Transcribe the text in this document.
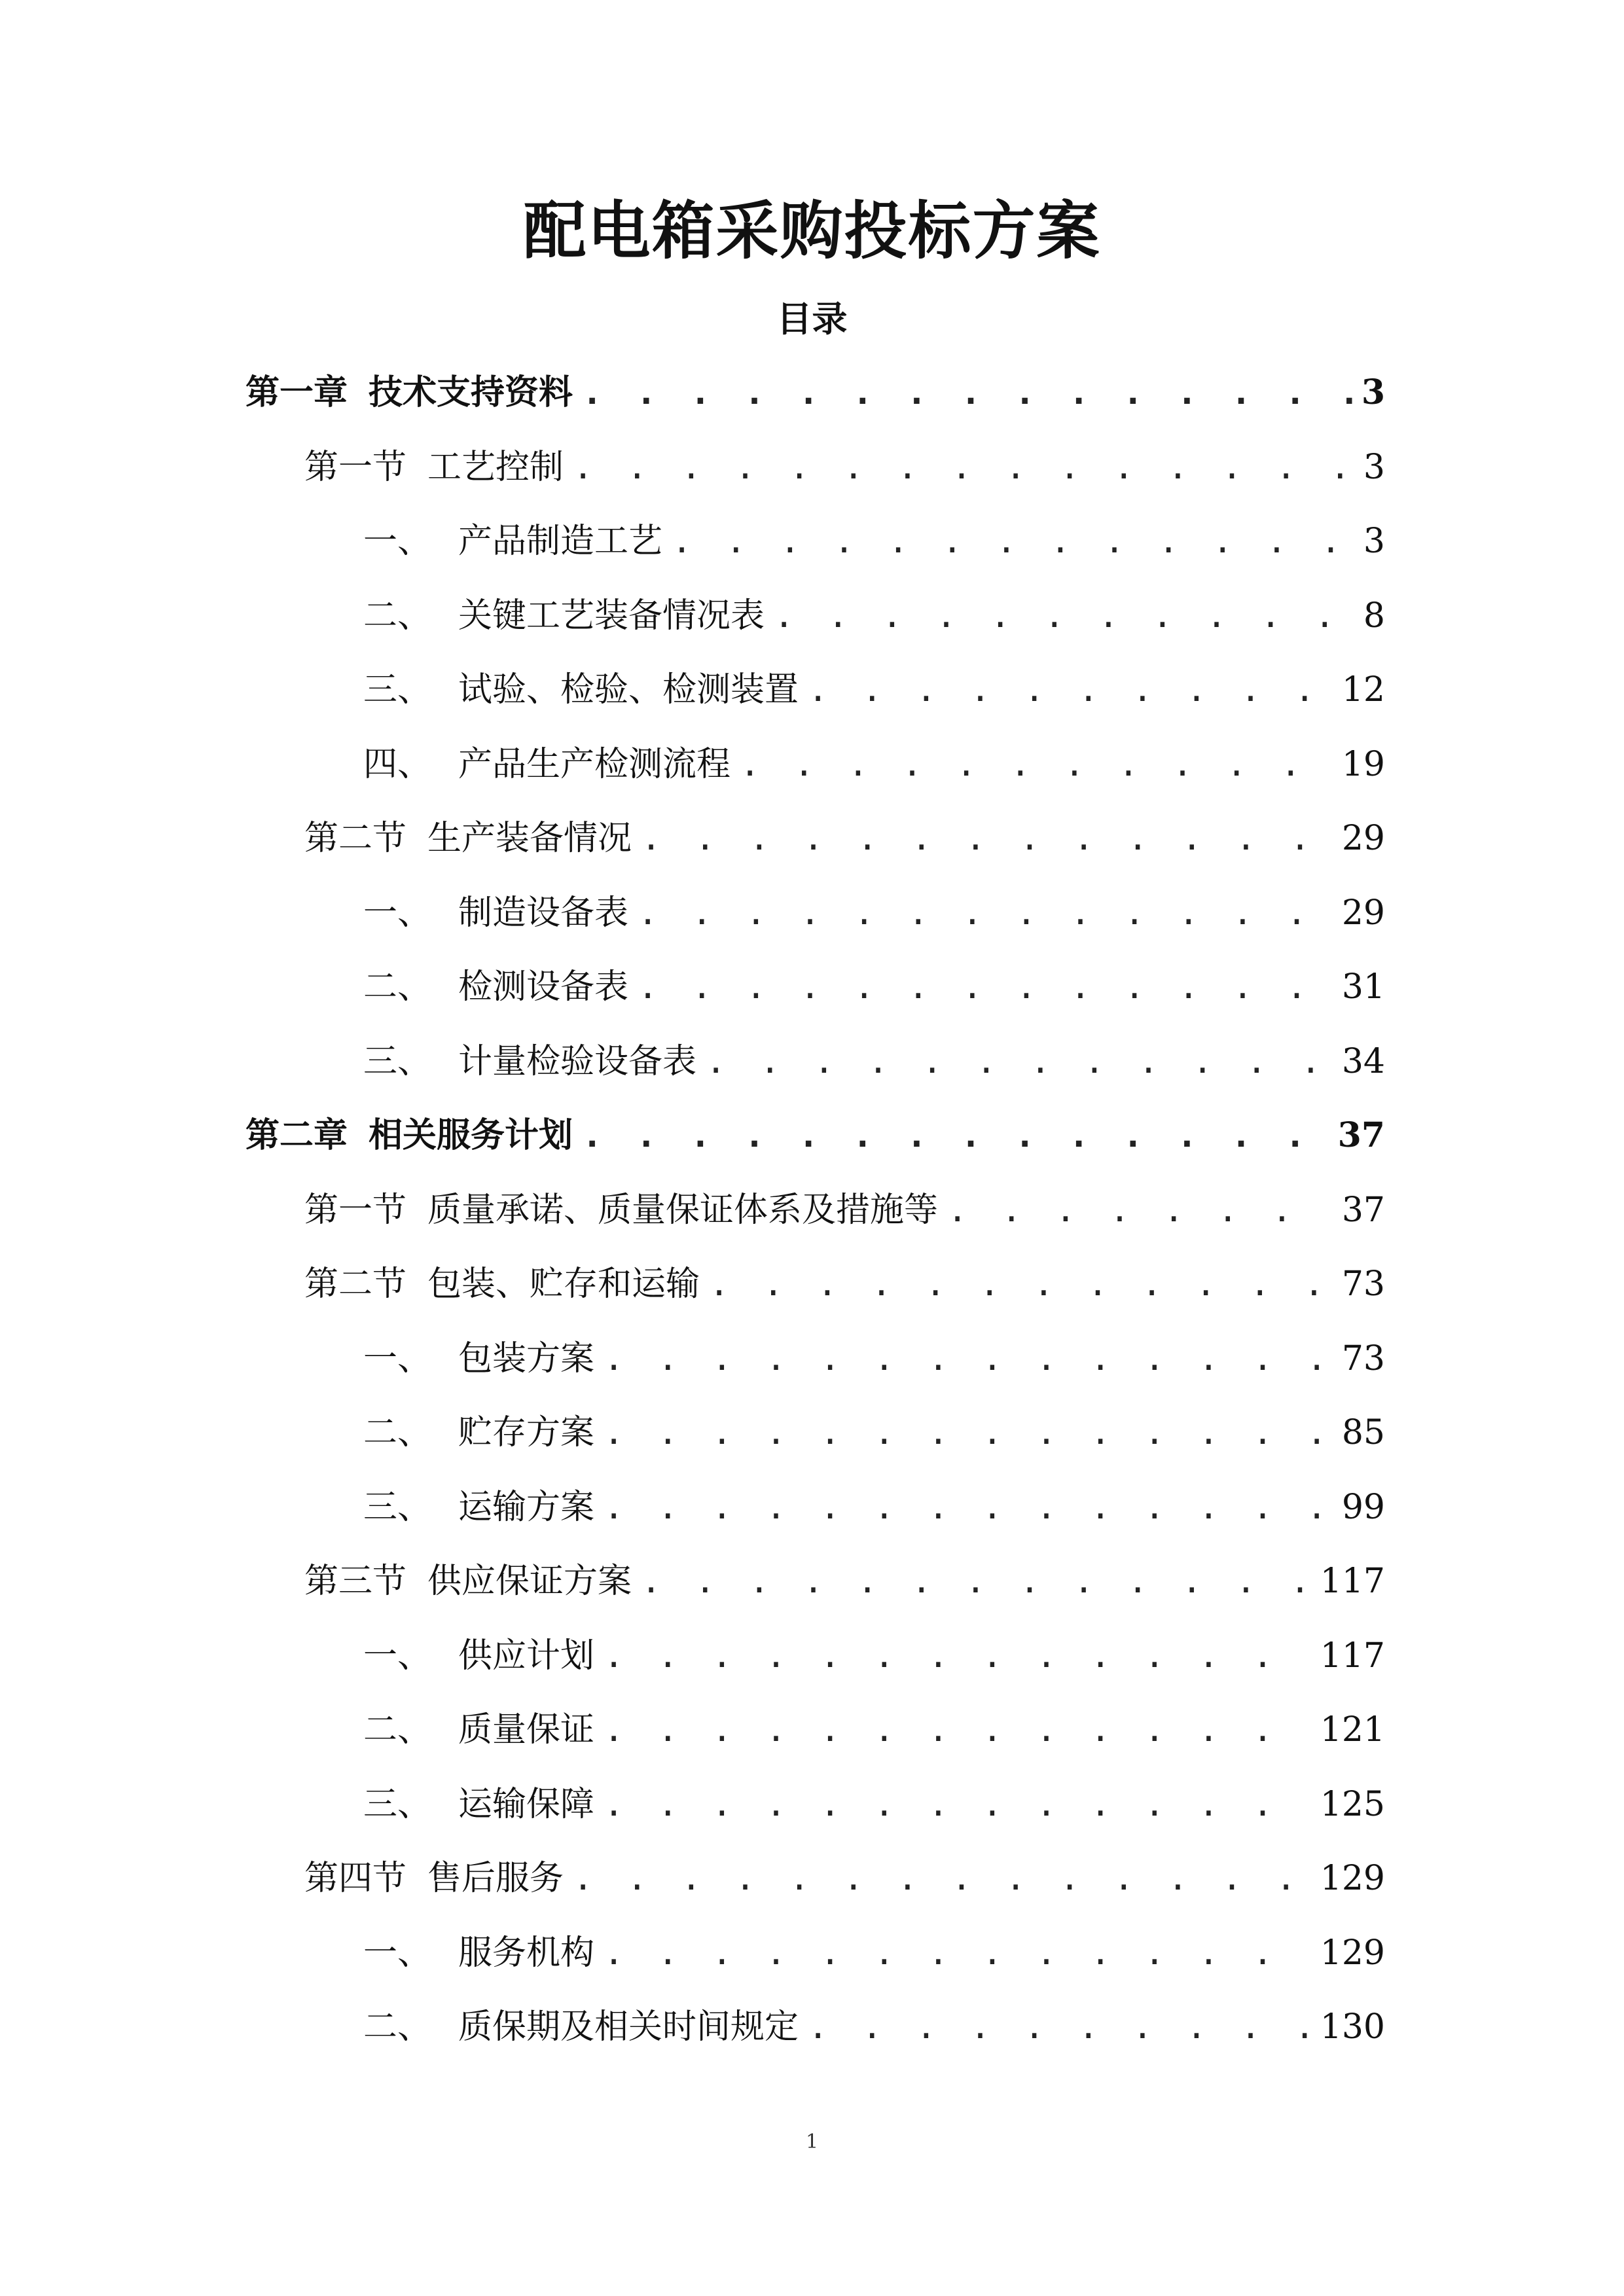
配电箱采购投标方案
目录
第一章 技术支持资料 . . .	3
第一节 工艺控制 . . .	3
一、 产品制造工艺 . . .	3
二、 关键工艺装备情况表 . . .	8
三、 试验、检验、检测装置 . . .	12
四、 产品生产检测流程 . . .	19
第二节 生产装备情况 . . .	29
一、 制造设备表 . . .	29
二、 检测设备表 . . .	31
三、 计量检验设备表 . . .	34
第二章 相关服务计划 . . .	37
第一节 质量承诺、质量保证体系及措施等 . . .	37
第二节 包装、贮存和运输 . . .	73
一、 包装方案 . . .	73
二、 贮存方案 . . .	85
三、 运输方案 . . .	99
第三节 供应保证方案 . . .	117
一、 供应计划 . . .	117
二、 质量保证 . . .	121
三、 运输保障 . . .	125
第四节 售后服务 . . .	129
一、 服务机构 . . .	129
二、 质保期及相关时间规定 . . .	130
1
